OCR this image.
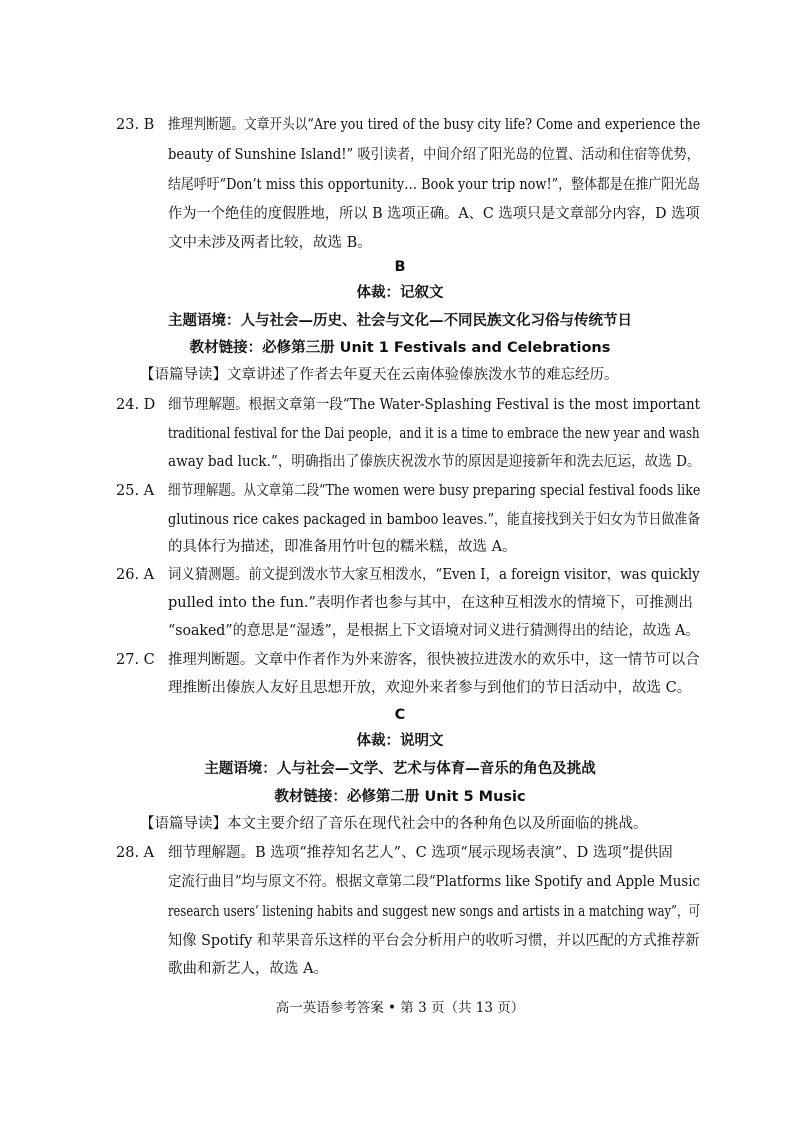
23. B 推理判断题。文章开头以“Are you tired of the busy city life? Come and experience the
beauty of Sunshine Island!” 吸引读者，中间介绍了阳光岛的位置、活动和住宿等优势，
结尾呼吁“Don’t miss this opportunity… Book your trip now!”，整体都是在推广阳光岛
作为一个绝佳的度假胜地，所以 B 选项正确。A、C 选项只是文章部分内容，D 选项
文中未涉及两者比较，故选 B。
B
体裁：记叙文
主题语境：人与社会—历史、社会与文化—不同民族文化习俗与传统节日
教材链接：必修第三册 Unit 1 Festivals and Celebrations
【语篇导读】文章讲述了作者去年夏天在云南体验傣族泼水节的难忘经历。
24. D 细节理解题。根据文章第一段“The Water-Splashing Festival is the most important
traditional festival for the Dai people，and it is a time to embrace the new year and wash
away bad luck.”，明确指出了傣族庆祝泼水节的原因是迎接新年和洗去厄运，故选 D。
25. A 细节理解题。从文章第二段“The women were busy preparing special festival foods like
glutinous rice cakes packaged in bamboo leaves.”，能直接找到关于妇女为节日做准备
的具体行为描述，即准备用竹叶包的糯米糕，故选 A。
26. A 词义猜测题。前文提到泼水节大家互相泼水，“Even I，a foreign visitor，was quickly
pulled into the fun.”表明作者也参与其中，在这种互相泼水的情境下，可推测出
“soaked”的意思是“湿透”，是根据上下文语境对词义进行猜测得出的结论，故选 A。
27. C 推理判断题。文章中作者作为外来游客，很快被拉进泼水的欢乐中，这一情节可以合
理推断出傣族人友好且思想开放，欢迎外来者参与到他们的节日活动中，故选 C。
C
体裁：说明文
主题语境：人与社会—文学、艺术与体育—音乐的角色及挑战
教材链接：必修第二册 Unit 5 Music
【语篇导读】本文主要介绍了音乐在现代社会中的各种角色以及所面临的挑战。
28. A 细节理解题。B 选项“推荐知名艺人”、C 选项“展示现场表演”、D 选项“提供固
定流行曲目”均与原文不符。根据文章第二段“Platforms like Spotify and Apple Music
research users’ listening habits and suggest new songs and artists in a matching way”，可
知像 Spotify 和苹果音乐这样的平台会分析用户的收听习惯，并以匹配的方式推荐新
歌曲和新艺人，故选 A。
高一英语参考答案 • 第 3 页（共 13 页）
